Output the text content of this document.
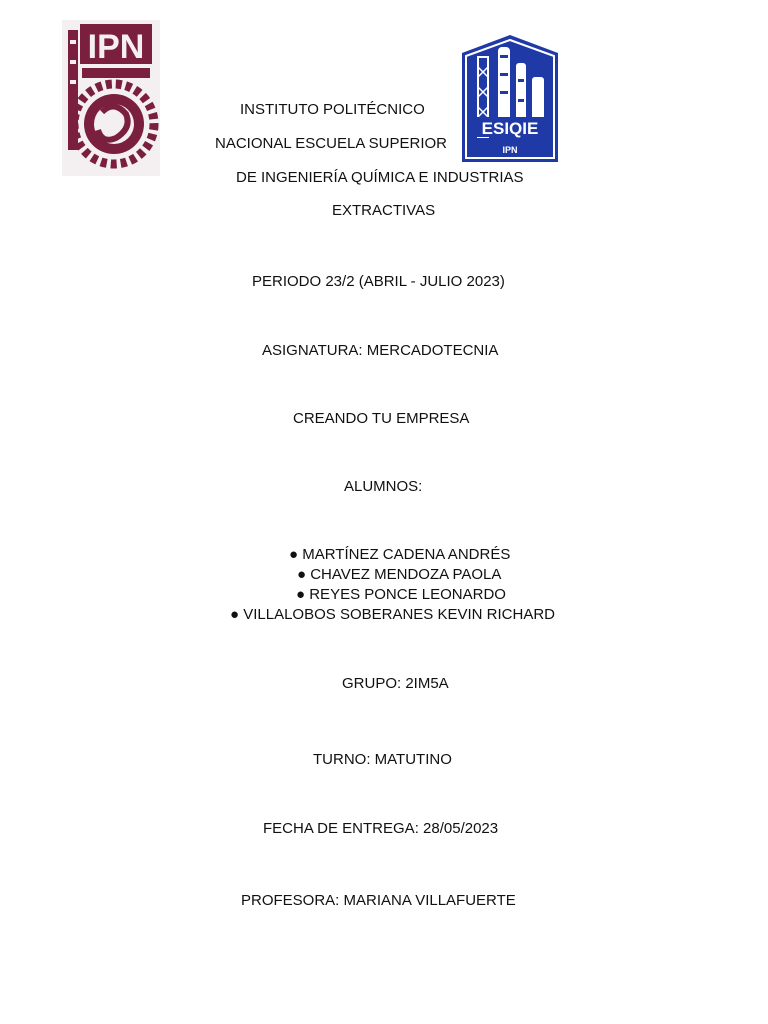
IPN
ESIQIE
IPN
INSTITUTO POLITÉCNICO
NACIONAL ESCUELA SUPERIOR
DE INGENIERÍA QUÍMICA E INDUSTRIAS
EXTRACTIVAS
PERIODO 23/2 (ABRIL - JULIO 2023)
ASIGNATURA: MERCADOTECNIA
CREANDO TU EMPRESA
ALUMNOS:
● MARTÍNEZ CADENA ANDRÉS
● CHAVEZ MENDOZA PAOLA
● REYES PONCE LEONARDO
● VILLALOBOS SOBERANES KEVIN RICHARD
GRUPO: 2IM5A
TURNO: MATUTINO
FECHA DE ENTREGA: 28/05/2023
PROFESORA: MARIANA VILLAFUERTE
